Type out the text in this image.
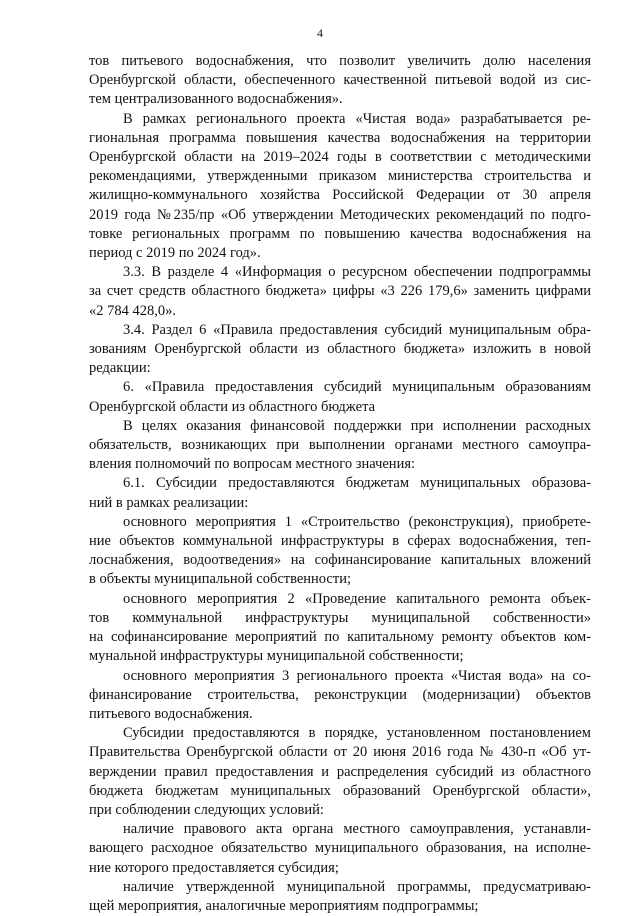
4
тов питьевого водоснабжения, что позволит увеличить долю населения
Оренбургской области, обеспеченного качественной питьевой водой из сис-
тем централизованного водоснабжения».
В рамках регионального проекта «Чистая вода» разрабатывается ре-
гиональная программа повышения качества водоснабжения на территории
Оренбургской области на 2019–2024 годы в соответствии с методическими
рекомендациями, утвержденными приказом министерства строительства и
жилищно-коммунального хозяйства Российской Федерации от 30 апреля
2019 года №235/пр «Об утверждении Методических рекомендаций по подго-
товке региональных программ по повышению качества водоснабжения на
период с 2019 по 2024 год».
3.3. В разделе 4 «Информация о ресурсном обеспечении подпрограммы
за счет средств областного бюджета» цифры «3 226 179,6» заменить цифрами
«2 784 428,0».
3.4. Раздел 6 «Правила предоставления субсидий муниципальным обра-
зованиям Оренбургской области из областного бюджета» изложить в новой
редакции:
6. «Правила предоставления субсидий муниципальным образованиям
Оренбургской области из областного бюджета
В целях оказания финансовой поддержки при исполнении расходных
обязательств, возникающих при выполнении органами местного самоупра-
вления полномочий по вопросам местного значения:
6.1. Субсидии предоставляются бюджетам муниципальных образова-
ний в рамках реализации:
основного мероприятия 1 «Строительство (реконструкция), приобрете-
ние объектов коммунальной инфраструктуры в сферах водоснабжения, теп-
лоснабжения, водоотведения» на софинансирование капитальных вложений
в объекты муниципальной собственности;
основного мероприятия 2 «Проведение капитального ремонта объек-
тов коммунальной инфраструктуры муниципальной собственности»
на софинансирование мероприятий по капитальному ремонту объектов ком-
мунальной инфраструктуры муниципальной собственности;
основного мероприятия 3 регионального проекта «Чистая вода» на со-
финансирование строительства, реконструкции (модернизации) объектов
питьевого водоснабжения.
Субсидии предоставляются в порядке, установленном постановлением
Правительства Оренбургской области от 20 июня 2016 года № 430-п «Об ут-
верждении правил предоставления и распределения субсидий из областного
бюджета бюджетам муниципальных образований Оренбургской области»,
при соблюдении следующих условий:
наличие правового акта органа местного самоуправления, устанавли-
вающего расходное обязательство муниципального образования, на исполне-
ние которого предоставляется субсидия;
наличие утвержденной муниципальной программы, предусматриваю-
щей мероприятия, аналогичные мероприятиям подпрограммы;
